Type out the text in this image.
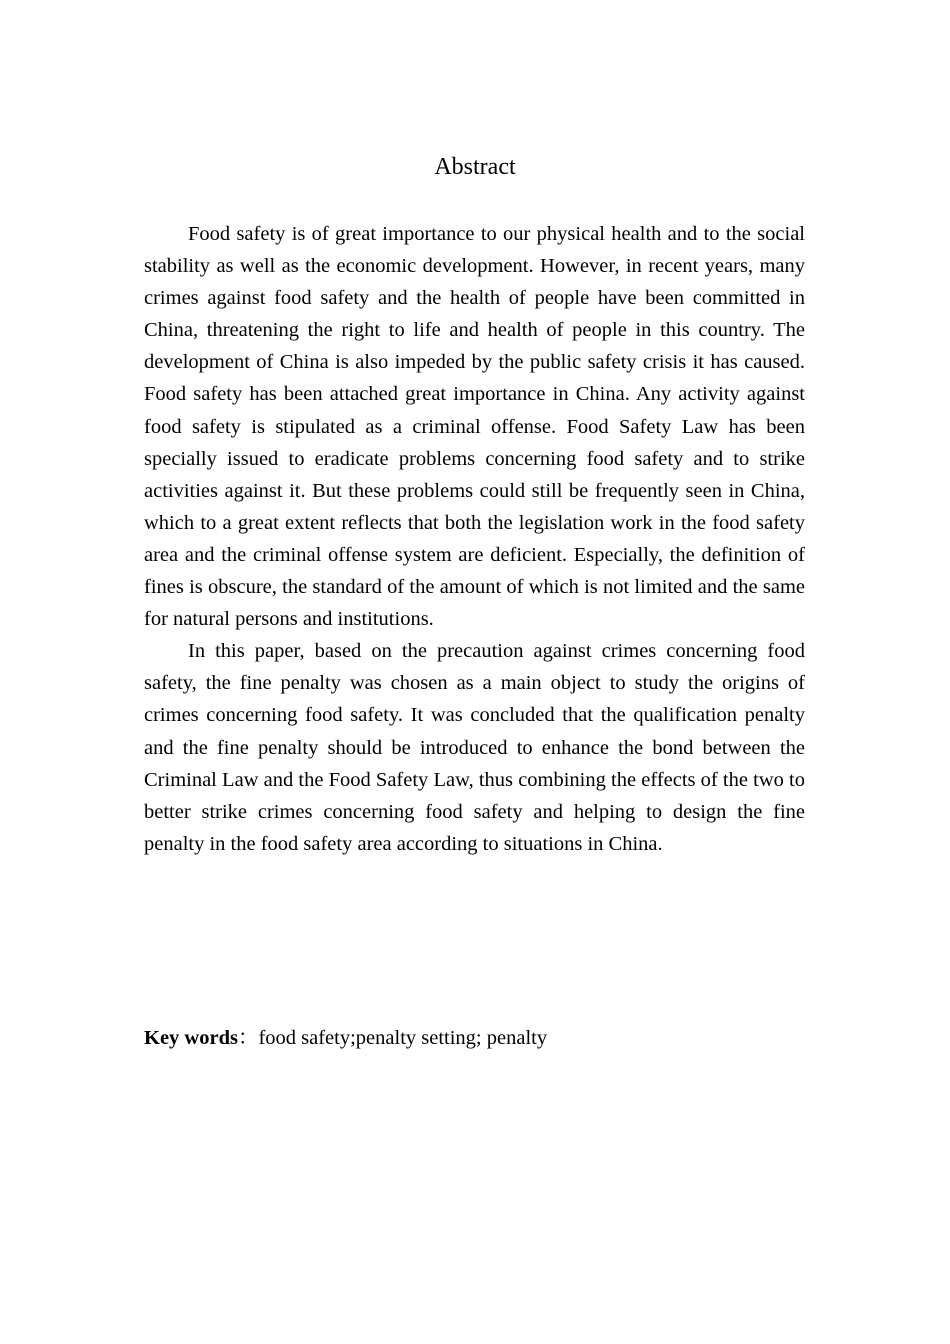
Abstract

Food safety is of great importance to our physical health and to the social stability as well as the economic development. However, in recent years, many crimes against food safety and the health of people have been committed in China, threatening the right to life and health of people in this country. The development of China is also impeded by the public safety crisis it has caused. Food safety has been attached great importance in China. Any activity against food safety is stipulated as a criminal offense. Food Safety Law has been specially issued to eradicate problems concerning food safety and to strike activities against it. But these problems could still be frequently seen in China, which to a great extent reflects that both the legislation work in the food safety area and the criminal offense system are deficient. Especially, the definition of fines is obscure, the standard of the amount of which is not limited and the same for natural persons and institutions.

In this paper, based on the precaution against crimes concerning food safety, the fine penalty was chosen as a main object to study the origins of crimes concerning food safety. It was concluded that the qualification penalty and the fine penalty should be introduced to enhance the bond between the Criminal Law and the Food Safety Law, thus combining the effects of the two to better strike crimes concerning food safety and helping to design the fine penalty in the food safety area according to situations in China.

Key words：food safety;penalty setting; penalty
